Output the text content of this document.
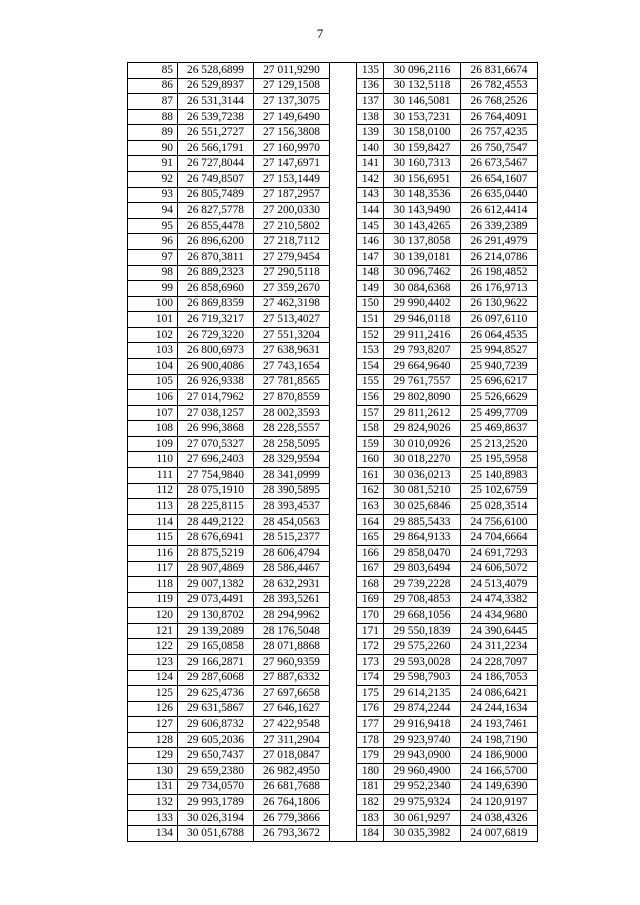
7
85	26 528,6899	27 011,9290		135	30 096,2116	26 831,6674
86	26 529,8937	27 129,1508		136	30 132,5118	26 782,4553
87	26 531,3144	27 137,3075		137	30 146,5081	26 768,2526
88	26 539,7238	27 149,6490		138	30 153,7231	26 764,4091
89	26 551,2727	27 156,3808		139	30 158,0100	26 757,4235
90	26 566,1791	27 160,9970		140	30 159,8427	26 750,7547
91	26 727,8044	27 147,6971		141	30 160,7313	26 673,5467
92	26 749,8507	27 153,1449		142	30 156,6951	26 654,1607
93	26 805,7489	27 187,2957		143	30 148,3536	26 635,0440
94	26 827,5778	27 200,0330		144	30 143,9490	26 612,4414
95	26 855,4478	27 210,5802		145	30 143,4265	26 339,2389
96	26 896,6200	27 218,7112		146	30 137,8058	26 291,4979
97	26 870,3811	27 279,9454		147	30 139,0181	26 214,0786
98	26 889,2323	27 290,5118		148	30 096,7462	26 198,4852
99	26 858,6960	27 359,2670		149	30 084,6368	26 176,9713
100	26 869,8359	27 462,3198		150	29 990,4402	26 130,9622
101	26 719,3217	27 513,4027		151	29 946,0118	26 097,6110
102	26 729,3220	27 551,3204		152	29 911,2416	26 064,4535
103	26 800,6973	27 638,9631		153	29 793,8207	25 994,8527
104	26 900,4086	27 743,1654		154	29 664,9640	25 940,7239
105	26 926,9338	27 781,8565		155	29 761,7557	25 696,6217
106	27 014,7962	27 870,8559		156	29 802,8090	25 526,6629
107	27 038,1257	28 002,3593		157	29 811,2612	25 499,7709
108	26 996,3868	28 228,5557		158	29 824,9026	25 469,8637
109	27 070,5327	28 258,5095		159	30 010,0926	25 213,2520
110	27 696,2403	28 329,9594		160	30 018,2270	25 195,5958
111	27 754,9840	28 341,0999		161	30 036,0213	25 140,8983
112	28 075,1910	28 390,5895		162	30 081,5210	25 102,6759
113	28 225,8115	28 393,4537		163	30 025,6846	25 028,3514
114	28 449,2122	28 454,0563		164	29 885,5433	24 756,6100
115	28 676,6941	28 515,2377		165	29 864,9133	24 704,6664
116	28 875,5219	28 606,4794		166	29 858,0470	24 691,7293
117	28 907,4869	28 586,4467		167	29 803,6494	24 606,5072
118	29 007,1382	28 632,2931		168	29 739,2228	24 513,4079
119	29 073,4491	28 393,5261		169	29 708,4853	24 474,3382
120	29 130,8702	28 294,9962		170	29 668,1056	24 434,9680
121	29 139,2089	28 176,5048		171	29 550,1839	24 390,6445
122	29 165,0858	28 071,8868		172	29 575,2260	24 311,2234
123	29 166,2871	27 960,9359		173	29 593,0028	24 228,7097
124	29 287,6068	27 887,6332		174	29 598,7903	24 186,7053
125	29 625,4736	27 697,6658		175	29 614,2135	24 086,6421
126	29 631,5867	27 646,1627		176	29 874,2244	24 244,1634
127	29 606,8732	27 422,9548		177	29 916,9418	24 193,7461
128	29 605,2036	27 311,2904		178	29 923,9740	24 198,7190
129	29 650,7437	27 018,0847		179	29 943,0900	24 186,9000
130	29 659,2380	26 982,4950		180	29 960,4900	24 166,5700
131	29 734,0570	26 681,7688		181	29 952,2340	24 149,6390
132	29 993,1789	26 764,1806		182	29 975,9324	24 120,9197
133	30 026,3194	26 779,3866		183	30 061,9297	24 038,4326
134	30 051,6788	26 793,3672		184	30 035,3982	24 007,6819
